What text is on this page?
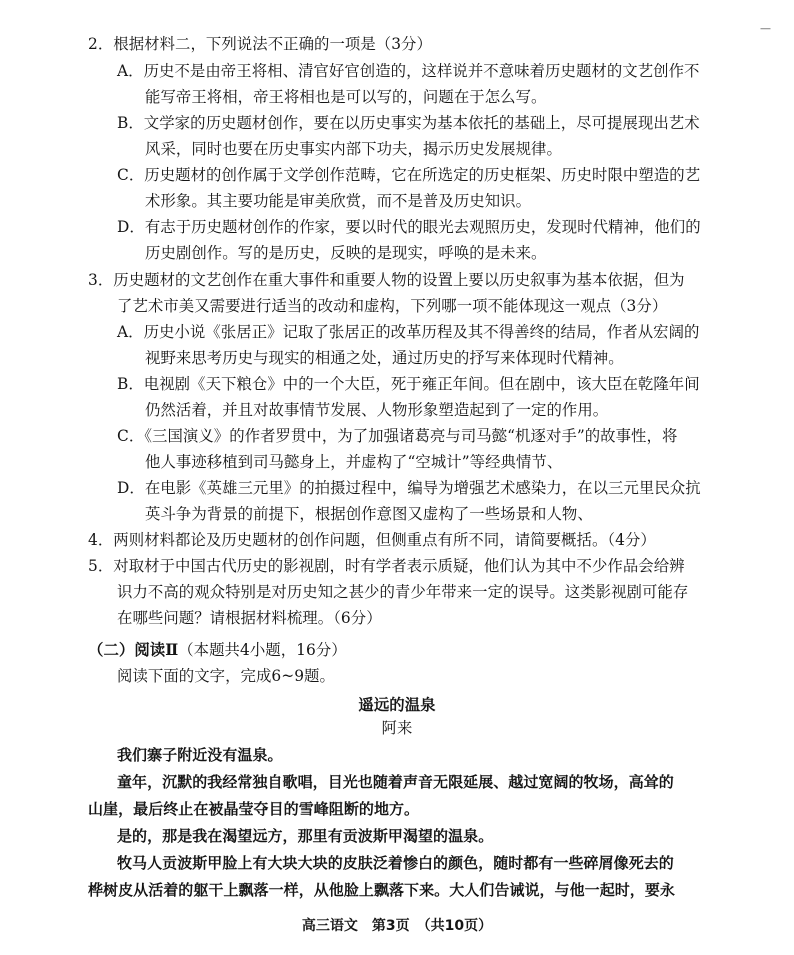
—
2．根据材料二，下列说法不正确的一项是（3分）
A．历史不是由帝王将相、清官好官创造的，这样说并不意味着历史题材的文艺创作不
能写帝王将相，帝王将相也是可以写的，问题在于怎么写。
B．文学家的历史题材创作，要在以历史事实为基本依托的基础上，尽可提展现出艺术
风采，同时也要在历史事实内部下功夫，揭示历史发展规律。
C．历史题材的创作属于文学创作范畴，它在所选定的历史框架、历史时限中塑造的艺
术形象。其主要功能是审美欣赏，而不是普及历史知识。
D．有志于历史题材创作的作家，要以时代的眼光去观照历史，发现时代精神，他们的
历史剧创作。写的是历史，反映的是现实，呼唤的是未来。
3．历史题材的文艺创作在重大事件和重要人物的设置上要以历史叙事为基本依据，但为
了艺术市美又需要进行适当的改动和虚构，下列哪一项不能体现这一观点（3分）
A．历史小说《张居正》记取了张居正的改革历程及其不得善终的结局，作者从宏阔的
视野来思考历史与现实的相通之处，通过历史的抒写来体现时代精神。
B．电视剧《天下粮仓》中的一个大臣，死于雍正年间。但在剧中，该大臣在乾隆年间
仍然活着，并且对故事情节发展、人物形象塑造起到了一定的作用。
C．《三国演义》的作者罗贯中，为了加强诸葛亮与司马懿“机逐对手”的故事性，将
他人事迹移植到司马懿身上，并虚构了“空城计”等经典情节、
D．在电影《英雄三元里》的拍摄过程中，编导为增强艺术感染力，在以三元里民众抗
英斗争为背景的前提下，根据创作意图又虚构了一些场景和人物、
4．两则材料都论及历史题材的创作问题，但侧重点有所不同，请简要概括。（4分）
5．对取材于中国古代历史的影视剧，时有学者表示质疑，他们认为其中不少作品会给辨
识力不高的观众特别是对历史知之甚少的青少年带来一定的误导。这类影视剧可能存
在哪些问题？请根据材料梳理。（6分）
（二）阅读Ⅱ（本题共4小题，16分）
阅读下面的文字，完成6~9题。
遥远的温泉
阿来
我们寨子附近没有温泉。
童年，沉默的我经常独自歌唱，目光也随着声音无限延展、越过宽阔的牧场，高耸的
山崖，最后终止在被晶莹夺目的雪峰阻断的地方。
是的，那是我在渴望远方，那里有贡波斯甲渴望的温泉。
牧马人贡波斯甲脸上有大块大块的皮肤泛着惨白的颜色，随时都有一些碎屑像死去的
桦树皮从活着的躯干上飘落一样，从他脸上飘落下来。大人们告诫说，与他一起时，要永
高三语文　第3页　（共10页）
